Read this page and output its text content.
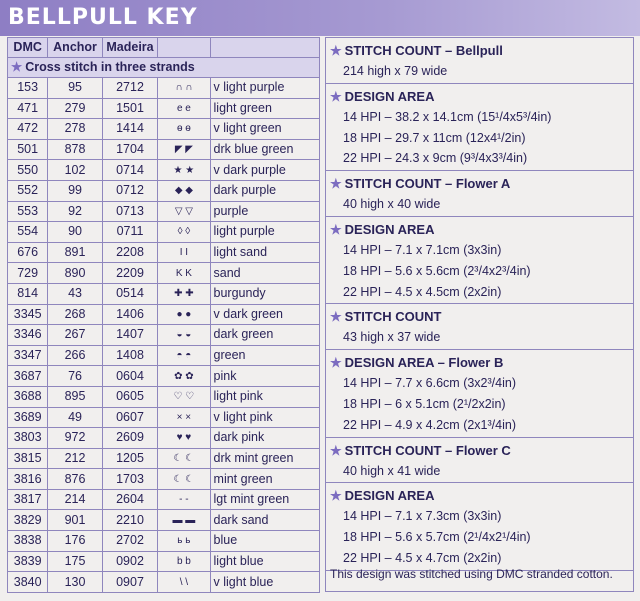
BELLPULL KEY
DMC	Anchor	Madeira		
★ Cross stitch in three strands				
153	95	2712	∩ ∩	v light purple
471	279	1501	e e	light green
472	278	1414	ɵ ɵ	v light green
501	878	1704	◤ ◤	drk blue green
550	102	0714	★ ★	v dark purple
552	99	0712	◆ ◆	dark purple
553	92	0713	▽ ▽	purple
554	90	0711	◊ ◊	light purple
676	891	2208	I I	light sand
729	890	2209	K K	sand
814	43	0514	✚ ✚	burgundy
3345	268	1406	● ●	v dark green
3346	267	1407	◒ ◒	dark green
3347	266	1408	◓ ◓	green
3687	76	0604	✿ ✿	pink
3688	895	0605	♡ ♡	light pink
3689	49	0607	× ×	v light pink
3803	972	2609	♥ ♥	dark pink
3815	212	1205	☾ ☾	drk mint green
3816	876	1703	☾ ☾	mint green
3817	214	2604	- -	lgt mint green
3829	901	2210	▬ ▬	dark sand
3838	176	2702	ь ь	blue
3839	175	0902	b b	light blue
3840	130	0907	\ \	v light blue
★ STITCH COUNT – Bellpull
214 high x 79 wide
★ DESIGN AREA
14 HPI – 38.2 x 14.1cm (15¹/4x5³/4in)
18 HPI – 29.7 x 11cm (12x4¹/2in)
22 HPI – 24.3 x 9cm (9³/4x3³/4in)
★ STITCH COUNT – Flower A
40 high x 40 wide
★ DESIGN AREA
14 HPI – 7.1 x 7.1cm (3x3in)
18 HPI – 5.6 x 5.6cm (2³/4x2³/4in)
22 HPI – 4.5 x 4.5cm (2x2in)
★ STITCH COUNT
43 high x 37 wide
★ DESIGN AREA – Flower B
14 HPI – 7.7 x 6.6cm (3x2³/4in)
18 HPI – 6 x 5.1cm (2¹/2x2in)
22 HPI – 4.9 x 4.2cm (2x1³/4in)
★ STITCH COUNT – Flower C
40 high x 41 wide
★ DESIGN AREA
14 HPI – 7.1 x 7.3cm (3x3in)
18 HPI – 5.6 x 5.7cm (2¹/4x2¹/4in)
22 HPI – 4.5 x 4.7cm (2x2in)
This design was stitched using DMC stranded cotton.
